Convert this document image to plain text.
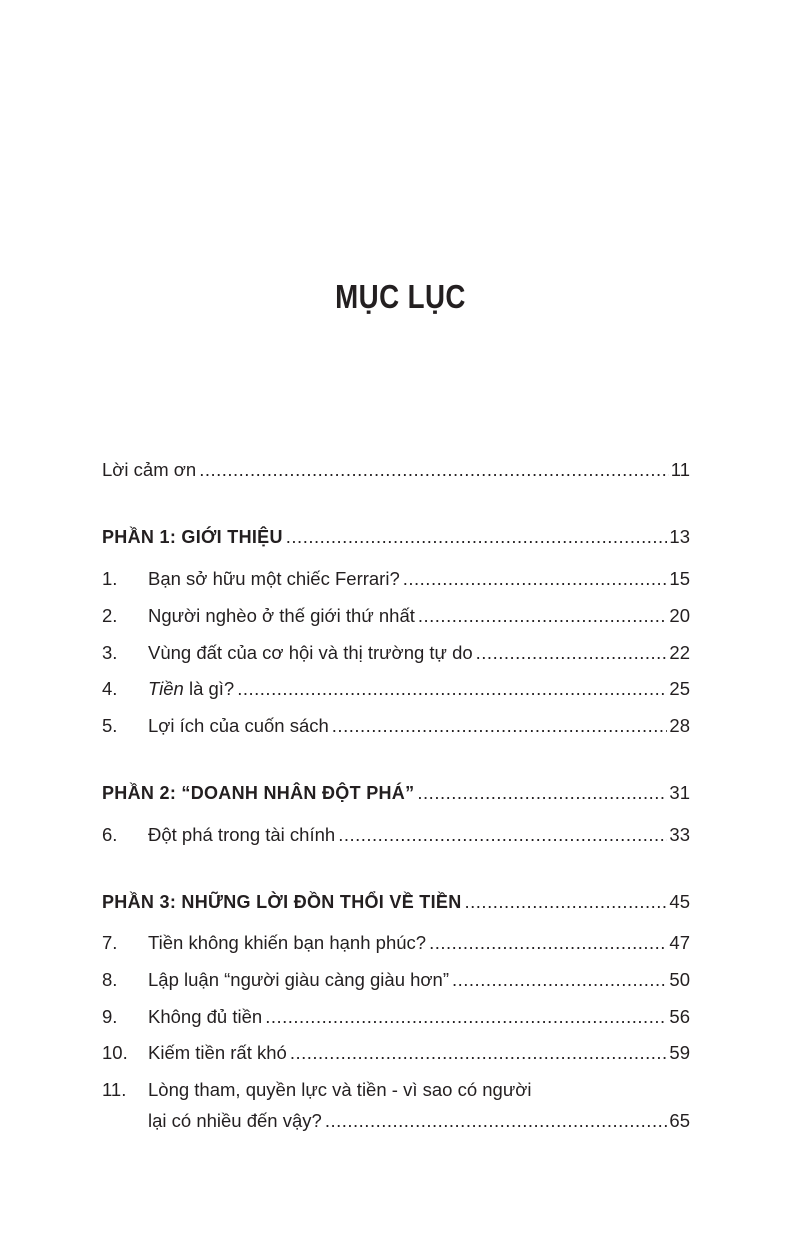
MỤC LỤC
Lời cảm ơn .....	11
PHẦN 1: GIỚI THIỆU .....	13
1.	Bạn sở hữu một chiếc Ferrari? .....	15
2.	Người nghèo ở thế giới thứ nhất .....	20
3.	Vùng đất của cơ hội và thị trường tự do .....	22
4.	Tiền là gì? .....	25
5.	Lợi ích của cuốn sách .....	28
PHẦN 2: “DOANH NHÂN ĐỘT PHÁ” .....	31
6.	Đột phá trong tài chính .....	33
PHẦN 3: NHỮNG LỜI ĐỒN THỔI VỀ TIỀN .....	45
7.	Tiền không khiến bạn hạnh phúc? .....	47
8.	Lập luận “người giàu càng giàu hơn” .....	50
9.	Không đủ tiền .....	56
10.	Kiếm tiền rất khó .....	59
11.	Lòng tham, quyền lực và tiền - vì sao có người
lại có nhiều đến vậy? .....	65
